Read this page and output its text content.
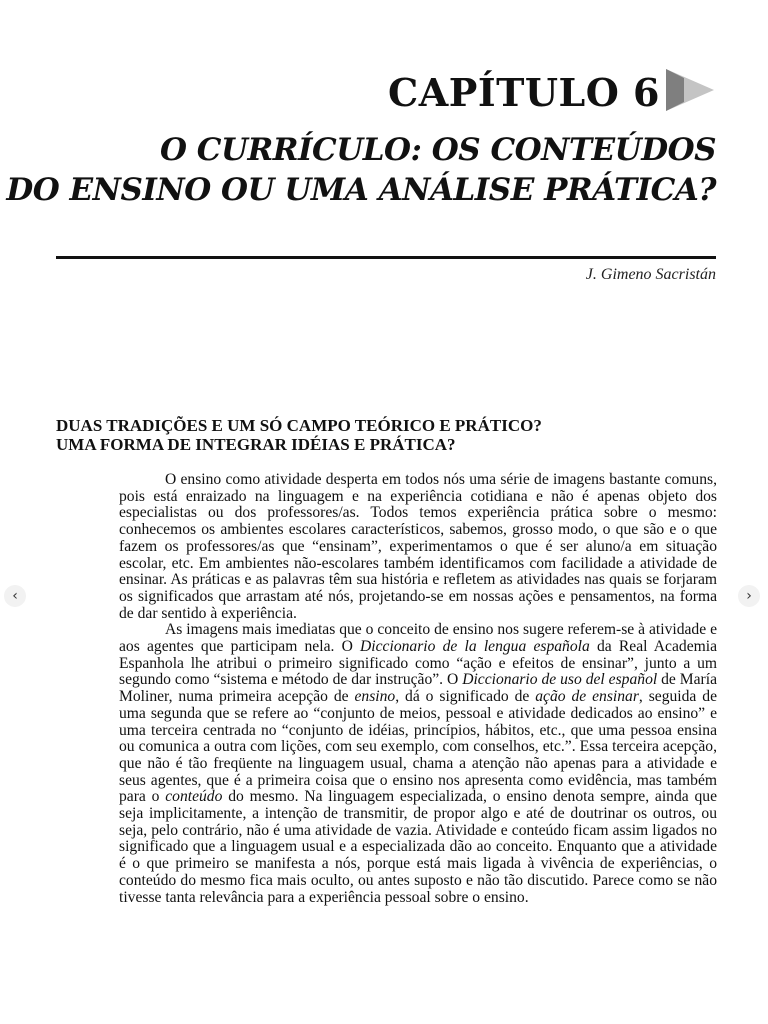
CAPÍTULO 6
O CURRÍCULO: OS CONTEÚDOS
DO ENSINO OU UMA ANÁLISE PRÁTICA?
J. Gimeno Sacristán
DUAS TRADIÇÕES E UM SÓ CAMPO TEÓRICO E PRÁTICO?
UMA FORMA DE INTEGRAR IDÉIAS E PRÁTICA?

O ensino como atividade desperta em todos nós uma série de imagens bastante comuns, pois está enraizado na linguagem e na experiência cotidiana e não é apenas objeto dos especialistas ou dos professores/as. Todos temos experiência prática sobre o mesmo: conhecemos os ambientes escolares característicos, sabemos, grosso modo, o que são e o que fazem os professores/as que “ensinam”, experimentamos o que é ser aluno/a em situação escolar, etc. Em ambientes não-escolares também identificamos com facilidade a atividade de ensinar. As práticas e as palavras têm sua história e refletem as atividades nas quais se forjaram os significados que arrastam até nós, projetando-se em nossas ações e pensamentos, na forma de dar sentido à experiência.

As imagens mais imediatas que o conceito de ensino nos sugere referem-se à atividade e aos agentes que participam nela. O Diccionario de la lengua española da Real Academia Espanhola lhe atribui o primeiro significado como “ação e efeitos de ensinar”, junto a um segundo como “sistema e método de dar instrução”. O Diccionario de uso del español de María Moliner, numa primeira acepção de ensino, dá o significado de ação de ensinar, seguida de uma segunda que se refere ao “conjunto de meios, pessoal e atividade dedicados ao ensino” e uma terceira centrada no “conjunto de idéias, princípios, hábitos, etc., que uma pessoa ensina ou comunica a outra com lições, com seu exemplo, com conselhos, etc.”. Essa terceira acepção, que não é tão freqüente na linguagem usual, chama a atenção não apenas para a atividade e seus agentes, que é a primeira coisa que o ensino nos apresenta como evidência, mas também para o conteúdo do mesmo. Na linguagem especializada, o ensino denota sempre, ainda que seja implicitamente, a intenção de transmitir, de propor algo e até de doutrinar os outros, ou seja, pelo contrário, não é uma atividade de vazia. Atividade e conteúdo ficam assim ligados no significado que a linguagem usual e a especializada dão ao conceito. Enquanto que a atividade é o que primeiro se manifesta a nós, porque está mais ligada à vivência de experiências, o conteúdo do mesmo fica mais oculto, ou antes suposto e não tão discutido. Parece como se não tivesse tanta relevância para a experiência pessoal sobre o ensino.

‹	›
